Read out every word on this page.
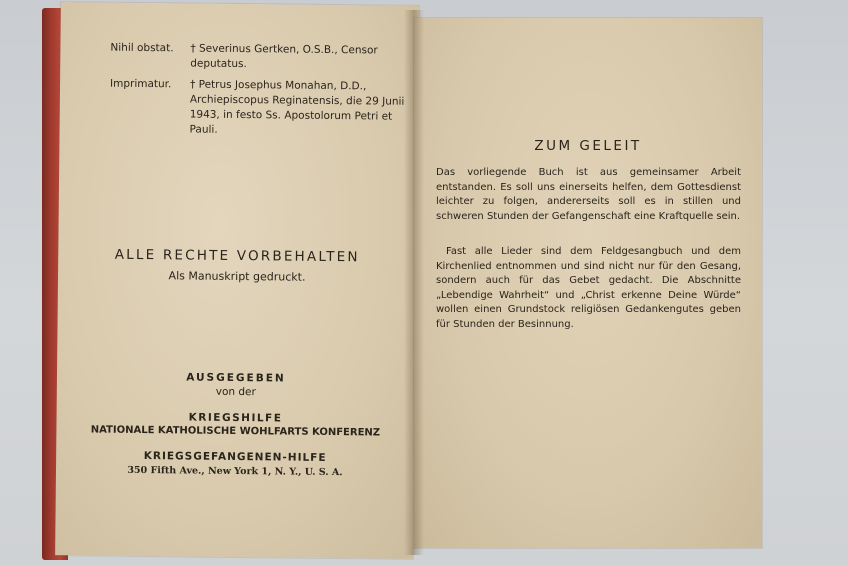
Nihil obstat.	† Severinus Gertken, O.S.B., Censor deputatus.
Imprimatur.	† Petrus Josephus Monahan, D.D., Archiepiscopus Reginatensis, die 29 Junii 1943, in festo Ss. Apostolorum Petri et Pauli.
ALLE RECHTE VORBEHALTEN
Als Manuskript gedruckt.
AUSGEGEBEN
von der
KRIEGSHILFE
NATIONALE KATHOLISCHE WOHLFARTS KONFERENZ
KRIEGSGEFANGENEN-HILFE
350 Fifth Ave., New York 1, N. Y., U. S. A.
ZUM GELEIT
Das vorliegende Buch ist aus gemeinsamer Arbeit entstanden. Es soll uns einerseits helfen, dem Gottesdienst leichter zu folgen, andererseits soll es in stillen und schweren Stunden der Gefangenschaft eine Kraftquelle sein.
Fast alle Lieder sind dem Feldgesangbuch und dem Kirchenlied entnommen und sind nicht nur für den Gesang, sondern auch für das Gebet gedacht. Die Abschnitte „Lebendige Wahrheit“ und „Christ erkenne Deine Würde“ wollen einen Grundstock religiösen Gedankengutes geben für Stunden der Besinnung.
